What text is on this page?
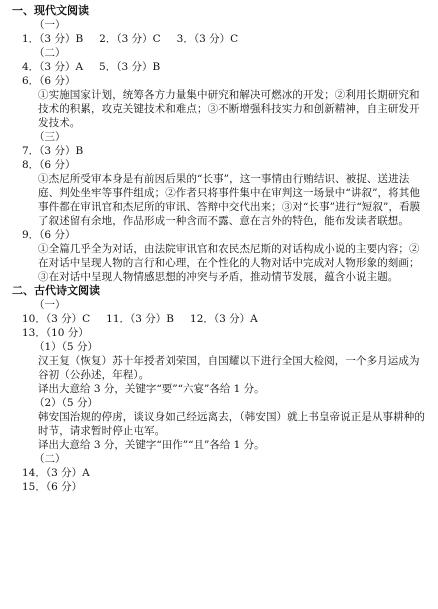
一、现代文阅读
（一）
1．（3 分）B 2．（3 分）C 3．（3 分）C
（二）
4．（3 分）A 5．（3 分）B
6．（6 分）
①实施国家计划，统筹各方力量集中研究和解决可燃冰的开发；②利用长期研究和技术的积累，攻克关键技术和难点；③不断增强科技实力和创新精神，自主研发开发技术。
（三）
7．（3 分）B
8．（6 分）
①杰尼所受审本身是有前因后果的“长事”，这一事情由行贿结识、被捉、送进法庭、判处坐牢等事件组成；②作者只将事件集中在审判这一场景中“讲叙”，将其他事件都在审讯官和杰尼所的审讯、答辩中交代出来；③对“长事”进行“短叙”，看膜了叙述留有余地，作品形成一种含而不露、意在言外的特色，能布发读者联想。
9．（6 分）
①全篇几乎全为对话，由法院审讯官和农民杰尼斯的对话构成小说的主要内容；②在对话中呈现人物的言行和心理，在个性化的人物对话中完成对人物形象的刻画；③在对话中呈现人物情感思想的冲突与矛盾，推动情节发展，蕴含小说主题。
二、古代诗文阅读
（一）
10．（3 分）C 11．（3 分）B 12．（3 分）A
13．（10 分）
（1）（5 分）
汉王复（恢复）苏十年授者刘荣国，自国耀以下进行全国大检阅，一个多月运成为谷初（公孙述，年程）。
译出大意给 3 分，关键字“要”“六宴”各给 1 分。
（2）（5 分）
韩安国治规的停虏，谈议身如己经远离去，（韩安国）就上书皇帝说正是从事耕种的时节，请求暂时停止屯军。
译出大意给 3 分，关键字“田作”“且”各给 1 分。
（二）
14．（3 分）A
15．（6 分）
